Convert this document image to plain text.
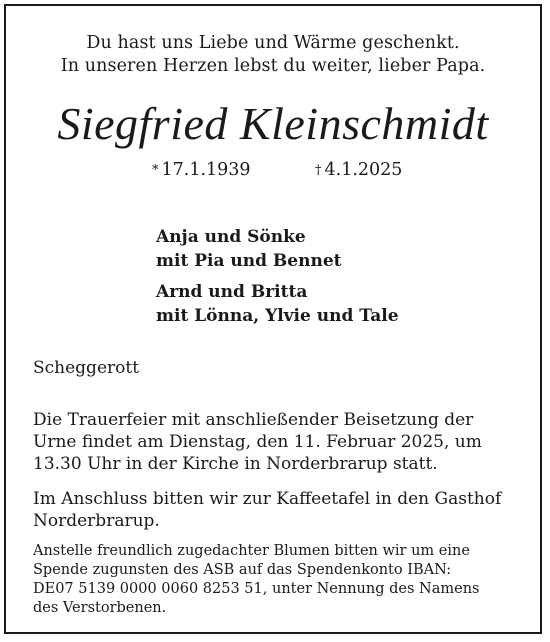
Du hast uns Liebe und Wärme geschenkt.
In unseren Herzen lebst du weiter, lieber Papa.
Siegfried Kleinschmidt
* 17.1.1939	† 4.1.2025
Anja und Sönke
mit Pia und Bennet
Arnd und Britta
mit Lönna, Ylvie und Tale
Scheggerott
Die Trauerfeier mit anschließender Beisetzung der
Urne findet am Dienstag, den 11. Februar 2025, um
13.30 Uhr in der Kirche in Norderbrarup statt.
Im Anschluss bitten wir zur Kaffeetafel in den Gasthof
Norderbrarup.
Anstelle freundlich zugedachter Blumen bitten wir um eine
Spende zugunsten des ASB auf das Spendenkonto IBAN:
DE07 5139 0000 0060 8253 51, unter Nennung des Namens
des Verstorbenen.
